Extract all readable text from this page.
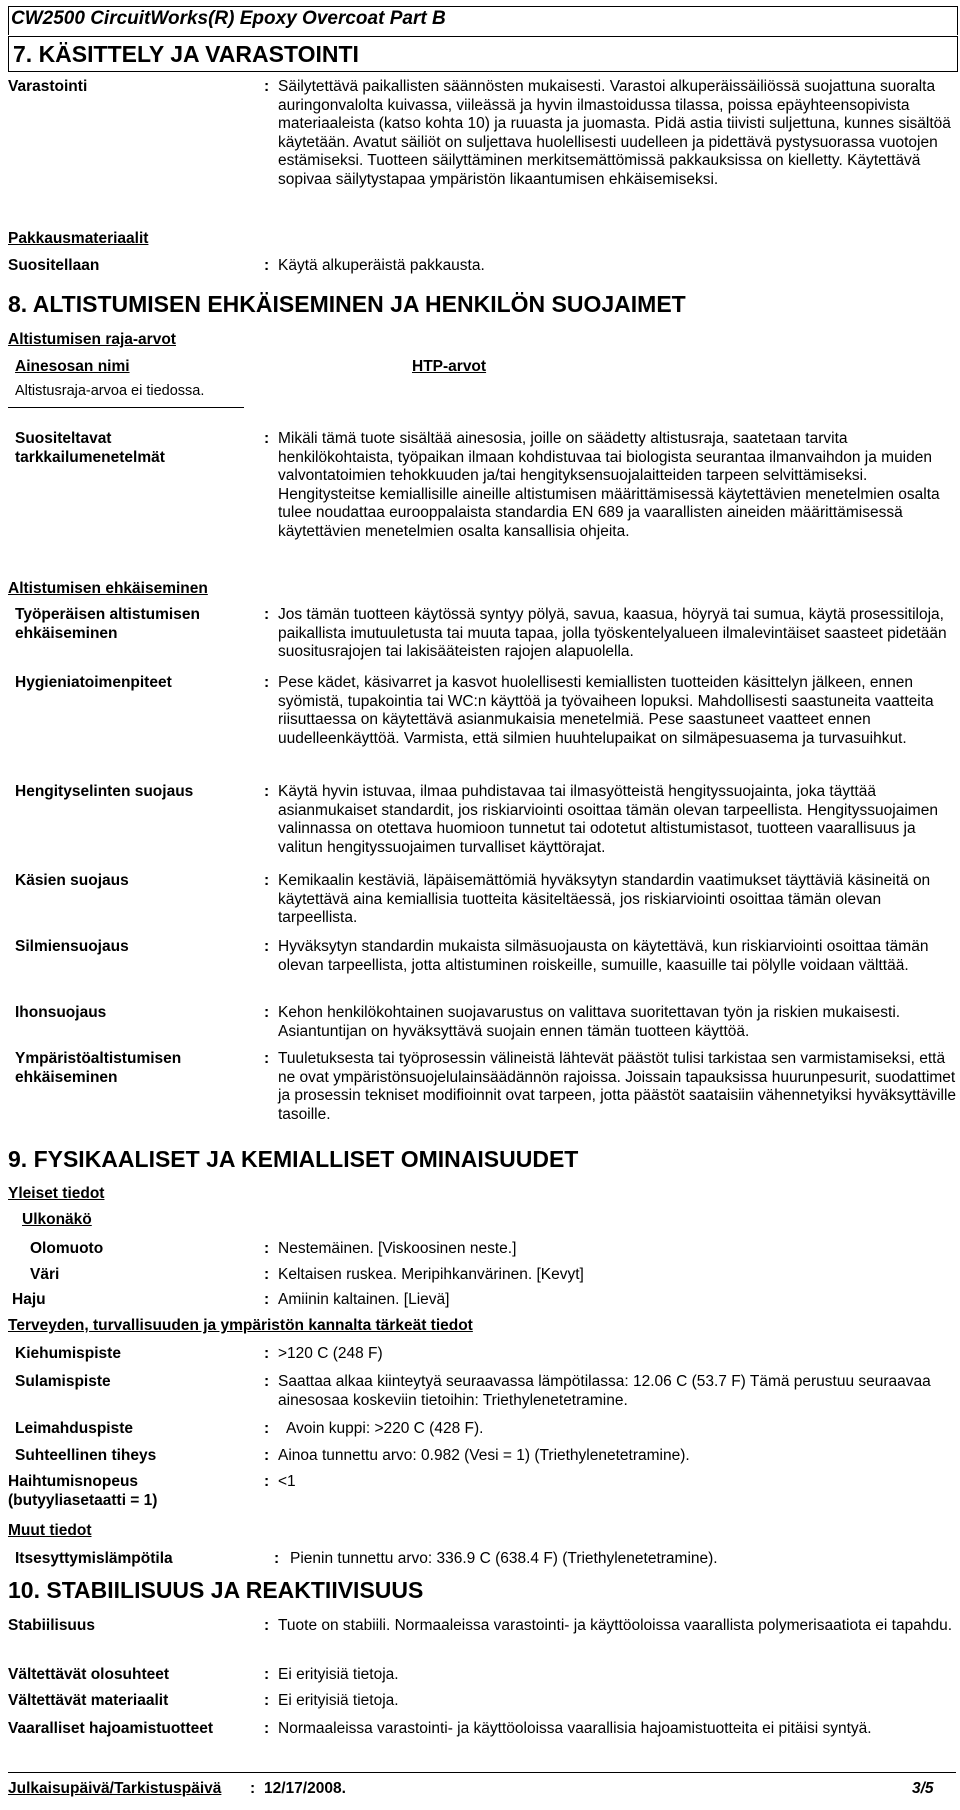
CW2500 CircuitWorks(R) Epoxy Overcoat Part B
7. KÄSITTELY JA VARASTOINTI
Varastointi	: Säilytettävä paikallisten säännösten mukaisesti. Varastoi alkuperäissäiliössä suojattuna suoralta auringonvalolta kuivassa, viileässä ja hyvin ilmastoidussa tilassa, poissa epäyhteensopivista materiaaleista (katso kohta 10) ja ruuasta ja juomasta. Pidä astia tiivisti suljettuna, kunnes sisältöä käytetään. Avatut säiliöt on suljettava huolellisesti uudelleen ja pidettävä pystysuorassa vuotojen estämiseksi. Tuotteen säilyttäminen merkitsemättömissä pakkauksissa on kielletty. Käytettävä sopivaa säilytystapaa ympäristön likaantumisen ehkäisemiseksi.
Pakkausmateriaalit
Suositellaan	: Käytä alkuperäistä pakkausta.
8. ALTISTUMISEN EHKÄISEMINEN JA HENKILÖN SUOJAIMET
Altistumisen raja-arvot
Ainesosan nimi	HTP-arvot
Altistusraja-arvoa ei tiedossa.
Suositeltavat tarkkailumenetelmät
: Mikäli tämä tuote sisältää ainesosia, joille on säädetty altistusraja, saatetaan tarvita henkilökohtaista, työpaikan ilmaan kohdistuvaa tai biologista seurantaa ilmanvaihdon ja muiden valvontatoimien tehokkuuden ja/tai hengityksensuojalaitteiden tarpeen selvittämiseksi. Hengitysteitse kemiallisille aineille altistumisen määrittämisessä käytettävien menetelmien osalta tulee noudattaa eurooppalaista standardia EN 689 ja vaarallisten aineiden määrittämisessä käytettävien menetelmien osalta kansallisia ohjeita.
Altistumisen ehkäiseminen
Työperäisen altistumisen ehkäiseminen
: Jos tämän tuotteen käytössä syntyy pölyä, savua, kaasua, höyryä tai sumua, käytä prosessitiloja, paikallista imutuuletusta tai muuta tapaa, jolla työskentelyalueen ilmalevintäiset saasteet pidetään suositusrajojen tai lakisääteisten rajojen alapuolella.
Hygieniatoimenpiteet	: Pese kädet, käsivarret ja kasvot huolellisesti kemiallisten tuotteiden käsittelyn jälkeen, ennen syömistä, tupakointia tai WC:n käyttöä ja työvaiheen lopuksi. Mahdollisesti saastuneita vaatteita riisuttaessa on käytettävä asianmukaisia menetelmiä. Pese saastuneet vaatteet ennen uudelleenkäyttöä. Varmista, että silmien huuhtelupaikat on silmäpesuasema ja turvasuihkut.
Hengityselinten suojaus	: Käytä hyvin istuvaa, ilmaa puhdistavaa tai ilmasyötteistä hengityssuojainta, joka täyttää asianmukaiset standardit, jos riskiarviointi osoittaa tämän olevan tarpeellista. Hengityssuojaimen valinnassa on otettava huomioon tunnetut tai odotetut altistumistasot, tuotteen vaarallisuus ja valitun hengityssuojaimen turvalliset käyttörajat.
Käsien suojaus	: Kemikaalin kestäviä, läpäisemättömiä hyväksytyn standardin vaatimukset täyttäviä käsineitä on käytettävä aina kemiallisia tuotteita käsiteltäessä, jos riskiarviointi osoittaa tämän olevan tarpeellista.
Silmiensuojaus	: Hyväksytyn standardin mukaista silmäsuojausta on käytettävä, kun riskiarviointi osoittaa tämän olevan tarpeellista, jotta altistuminen roiskeille, sumuille, kaasuille tai pölylle voidaan välttää.
Ihonsuojaus	: Kehon henkilökohtainen suojavarustus on valittava suoritettavan työn ja riskien mukaisesti. Asiantuntijan on hyväksyttävä suojain ennen tämän tuotteen käyttöä.
Ympäristöaltistumisen ehkäiseminen
: Tuuletuksesta tai työprosessin välineistä lähtevät päästöt tulisi tarkistaa sen varmistamiseksi, että ne ovat ympäristönsuojelulainsäädännön rajoissa. Joissain tapauksissa huurunpesurit, suodattimet ja prosessin tekniset modifioinnit ovat tarpeen, jotta päästöt saataisiin vähennetyiksi hyväksyttäville tasoille.
9. FYSIKAALISET JA KEMIALLISET OMINAISUUDET
Yleiset tiedot
Ulkonäkö
Olomuoto	: Nestemäinen. [Viskoosinen neste.]
Väri	: Keltaisen ruskea. Meripihkanvärinen. [Kevyt]
Haju	: Amiinin kaltainen. [Lievä]
Terveyden, turvallisuuden ja ympäristön kannalta tärkeät tiedot
Kiehumispiste	: >120 C (248 F)
Sulamispiste	: Saattaa alkaa kiinteytyä seuraavassa lämpötilassa: 12.06 C (53.7 F) Tämä perustuu seuraavaa ainesosaa koskeviin tietoihin: Triethylenetetramine.
Leimahduspiste	: Avoin kuppi: >220 C (428 F).
Suhteellinen tiheys	: Ainoa tunnettu arvo: 0.982 (Vesi = 1) (Triethylenetetramine).
Haihtumisnopeus (butyyliasetaatti = 1)
: <1
Muut tiedot
Itsesyttymislämpötila	: Pienin tunnettu arvo: 336.9 C (638.4 F) (Triethylenetetramine).
10. STABIILISUUS JA REAKTIIVISUUS
Stabiilisuus	: Tuote on stabiili. Normaaleissa varastointi- ja käyttöoloissa vaarallista polymerisaatiota ei tapahdu.
Vältettävät olosuhteet	: Ei erityisiä tietoja.
Vältettävät materiaalit	: Ei erityisiä tietoja.
Vaaralliset hajoamistuotteet	: Normaaleissa varastointi- ja käyttöoloissa vaarallisia hajoamistuotteita ei pitäisi syntyä.
Julkaisupäivä/Tarkistuspäivä : 12/17/2008.	3/5
